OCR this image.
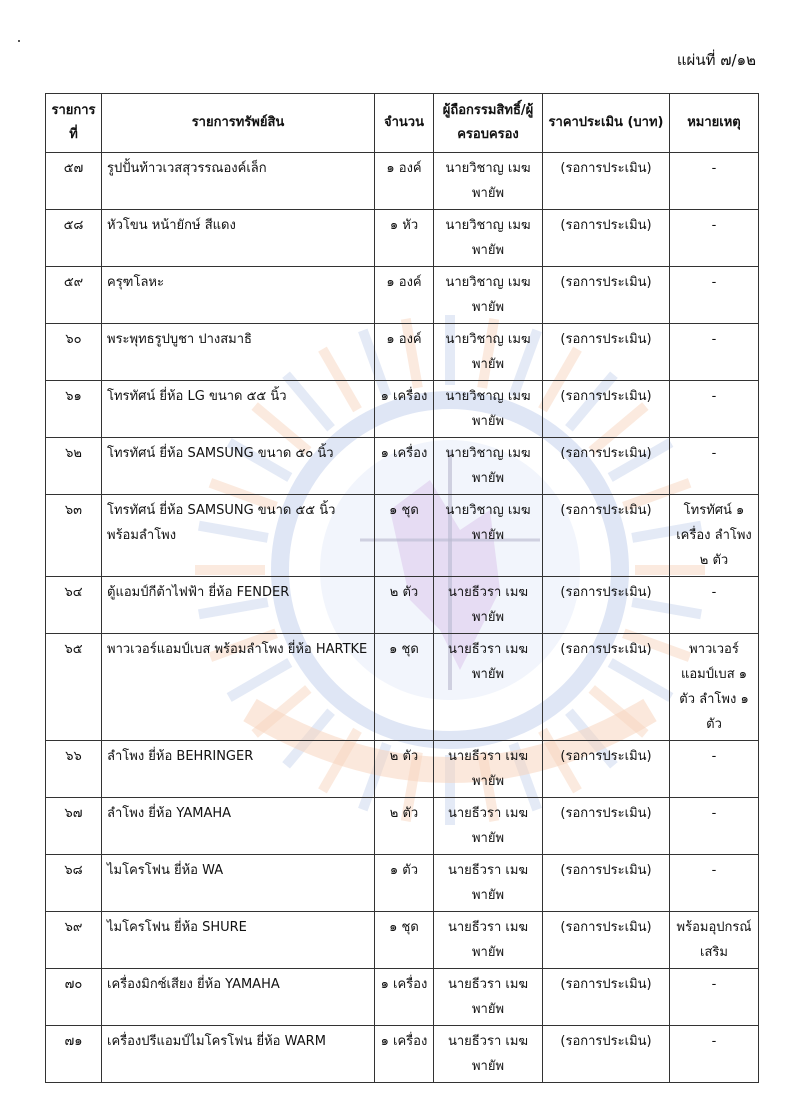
แผ่นที่ ๗/๑๒
รายการที่	รายการทรัพย์สิน	จำนวน	ผู้ถือกรรมสิทธิ์/ผู้ครอบครอง	ราคาประเมิน (บาท)	หมายเหตุ
๕๗	รูปปั้นท้าวเวสสุวรรณองค์เล็ก	๑ องค์	นายวิชาญ เมฆพายัพ	(รอการประเมิน)	-
๕๘	หัวโขน หน้ายักษ์ สีแดง	๑ หัว	นายวิชาญ เมฆพายัพ	(รอการประเมิน)	-
๕๙	ครุฑโลหะ	๑ องค์	นายวิชาญ เมฆพายัพ	(รอการประเมิน)	-
๖๐	พระพุทธรูปบูชา ปางสมาธิ	๑ องค์	นายวิชาญ เมฆพายัพ	(รอการประเมิน)	-
๖๑	โทรทัศน์ ยี่ห้อ LG ขนาด ๕๕ นิ้ว	๑ เครื่อง	นายวิชาญ เมฆพายัพ	(รอการประเมิน)	-
๖๒	โทรทัศน์ ยี่ห้อ SAMSUNG ขนาด ๕๐ นิ้ว	๑ เครื่อง	นายวิชาญ เมฆพายัพ	(รอการประเมิน)	-
๖๓	โทรทัศน์ ยี่ห้อ SAMSUNG ขนาด ๕๕ นิ้ว พร้อมลำโพง	๑ ชุด	นายวิชาญ เมฆพายัพ	(รอการประเมิน)	โทรทัศน์ ๑ เครื่อง ลำโพง ๒ ตัว
๖๔	ตู้แอมป์กีต้าไฟฟ้า ยี่ห้อ FENDER	๒ ตัว	นายธีวรา เมฆพายัพ	(รอการประเมิน)	-
๖๕	พาวเวอร์แอมป์เบส พร้อมลำโพง ยี่ห้อ HARTKE	๑ ชุด	นายธีวรา เมฆพายัพ	(รอการประเมิน)	พาวเวอร์แอมป์เบส ๑ ตัว ลำโพง ๑ ตัว
๖๖	ลำโพง ยี่ห้อ BEHRINGER	๒ ตัว	นายธีวรา เมฆพายัพ	(รอการประเมิน)	-
๖๗	ลำโพง ยี่ห้อ YAMAHA	๒ ตัว	นายธีวรา เมฆพายัพ	(รอการประเมิน)	-
๖๘	ไมโครโฟน ยี่ห้อ WA	๑ ตัว	นายธีวรา เมฆพายัพ	(รอการประเมิน)	-
๖๙	ไมโครโฟน ยี่ห้อ SHURE	๑ ชุด	นายธีวรา เมฆพายัพ	(รอการประเมิน)	พร้อมอุปกรณ์เสริม
๗๐	เครื่องมิกซ์เสียง ยี่ห้อ YAMAHA	๑ เครื่อง	นายธีวรา เมฆพายัพ	(รอการประเมิน)	-
๗๑	เครื่องปรีแอมป์ไมโครโฟน ยี่ห้อ WARM	๑ เครื่อง	นายธีวรา เมฆพายัพ	(รอการประเมิน)	-
